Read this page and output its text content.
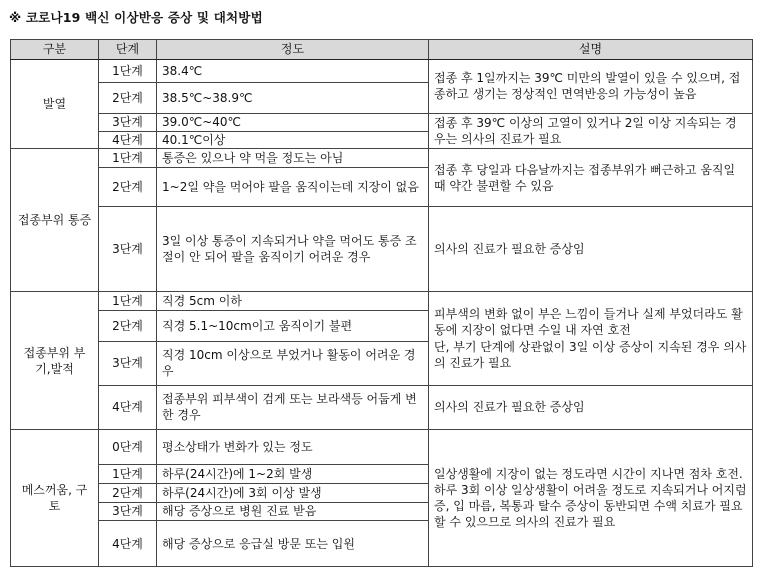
※ 코로나19 백신 이상반응 증상 및 대처방법
구분	단계	정도	설명
발열	1단계	38.4℃	접종 후 1일까지는 39℃ 미만의 발열이 있을 수 있으며, 접종하고 생기는 정상적인 면역반응의 가능성이 높음
	2단계	38.5℃~38.9℃	
	3단계	39.0℃~40℃	접종 후 39℃ 이상의 고열이 있거나 2일 이상 지속되는 경우는 의사의 진료가 필요
	4단계	40.1℃이상	
접종부위 통증	1단계	통증은 있으나 약 먹을 정도는 아님	접종 후 당일과 다음날까지는 접종부위가 뻐근하고 움직일 때 약간 불편할 수 있음
	2단계	1~2일 약을 먹어야 팔을 움직이는데 지장이 없음	
	3단계	3일 이상 통증이 지속되거나 약을 먹어도 통증 조절이 안 되어 팔을 움직이기 어려운 경우	의사의 진료가 필요한 증상임
접종부위 부기,발적	1단계	직경 5cm 이하	피부색의 변화 없이 부은 느낌이 들거나 실제 부었더라도 활동에 지장이 없다면 수일 내 자연 호전
단, 부기 단계에 상관없이 3일 이상 증상이 지속된 경우 의사의 진료가 필요
	2단계	직경 5.1~10cm이고 움직이기 불편	
	3단계	직경 10cm 이상으로 부었거나 활동이 어려운 경우	
	4단계	접종부위 피부색이 검게 또는 보라색등 어둡게 변한 경우	의사의 진료가 필요한 증상임
메스꺼움, 구토	0단계	평소상태가 변화가 있는 정도	일상생활에 지장이 없는 정도라면 시간이 지나면 점차 호전.
하루 3회 이상 일상생활이 어려울 정도로 지속되거나 어지럼증, 입 마름, 복통과 탈수 증상이 동반되면 수액 치료가 필요할 수 있으므로 의사의 진료가 필요
	1단계	하루(24시간)에 1~2회 발생	
	2단계	하루(24시간)에 3회 이상 발생	
	3단계	해당 증상으로 병원 진료 받음	
	4단계	해당 증상으로 응급실 방문 또는 입원	
